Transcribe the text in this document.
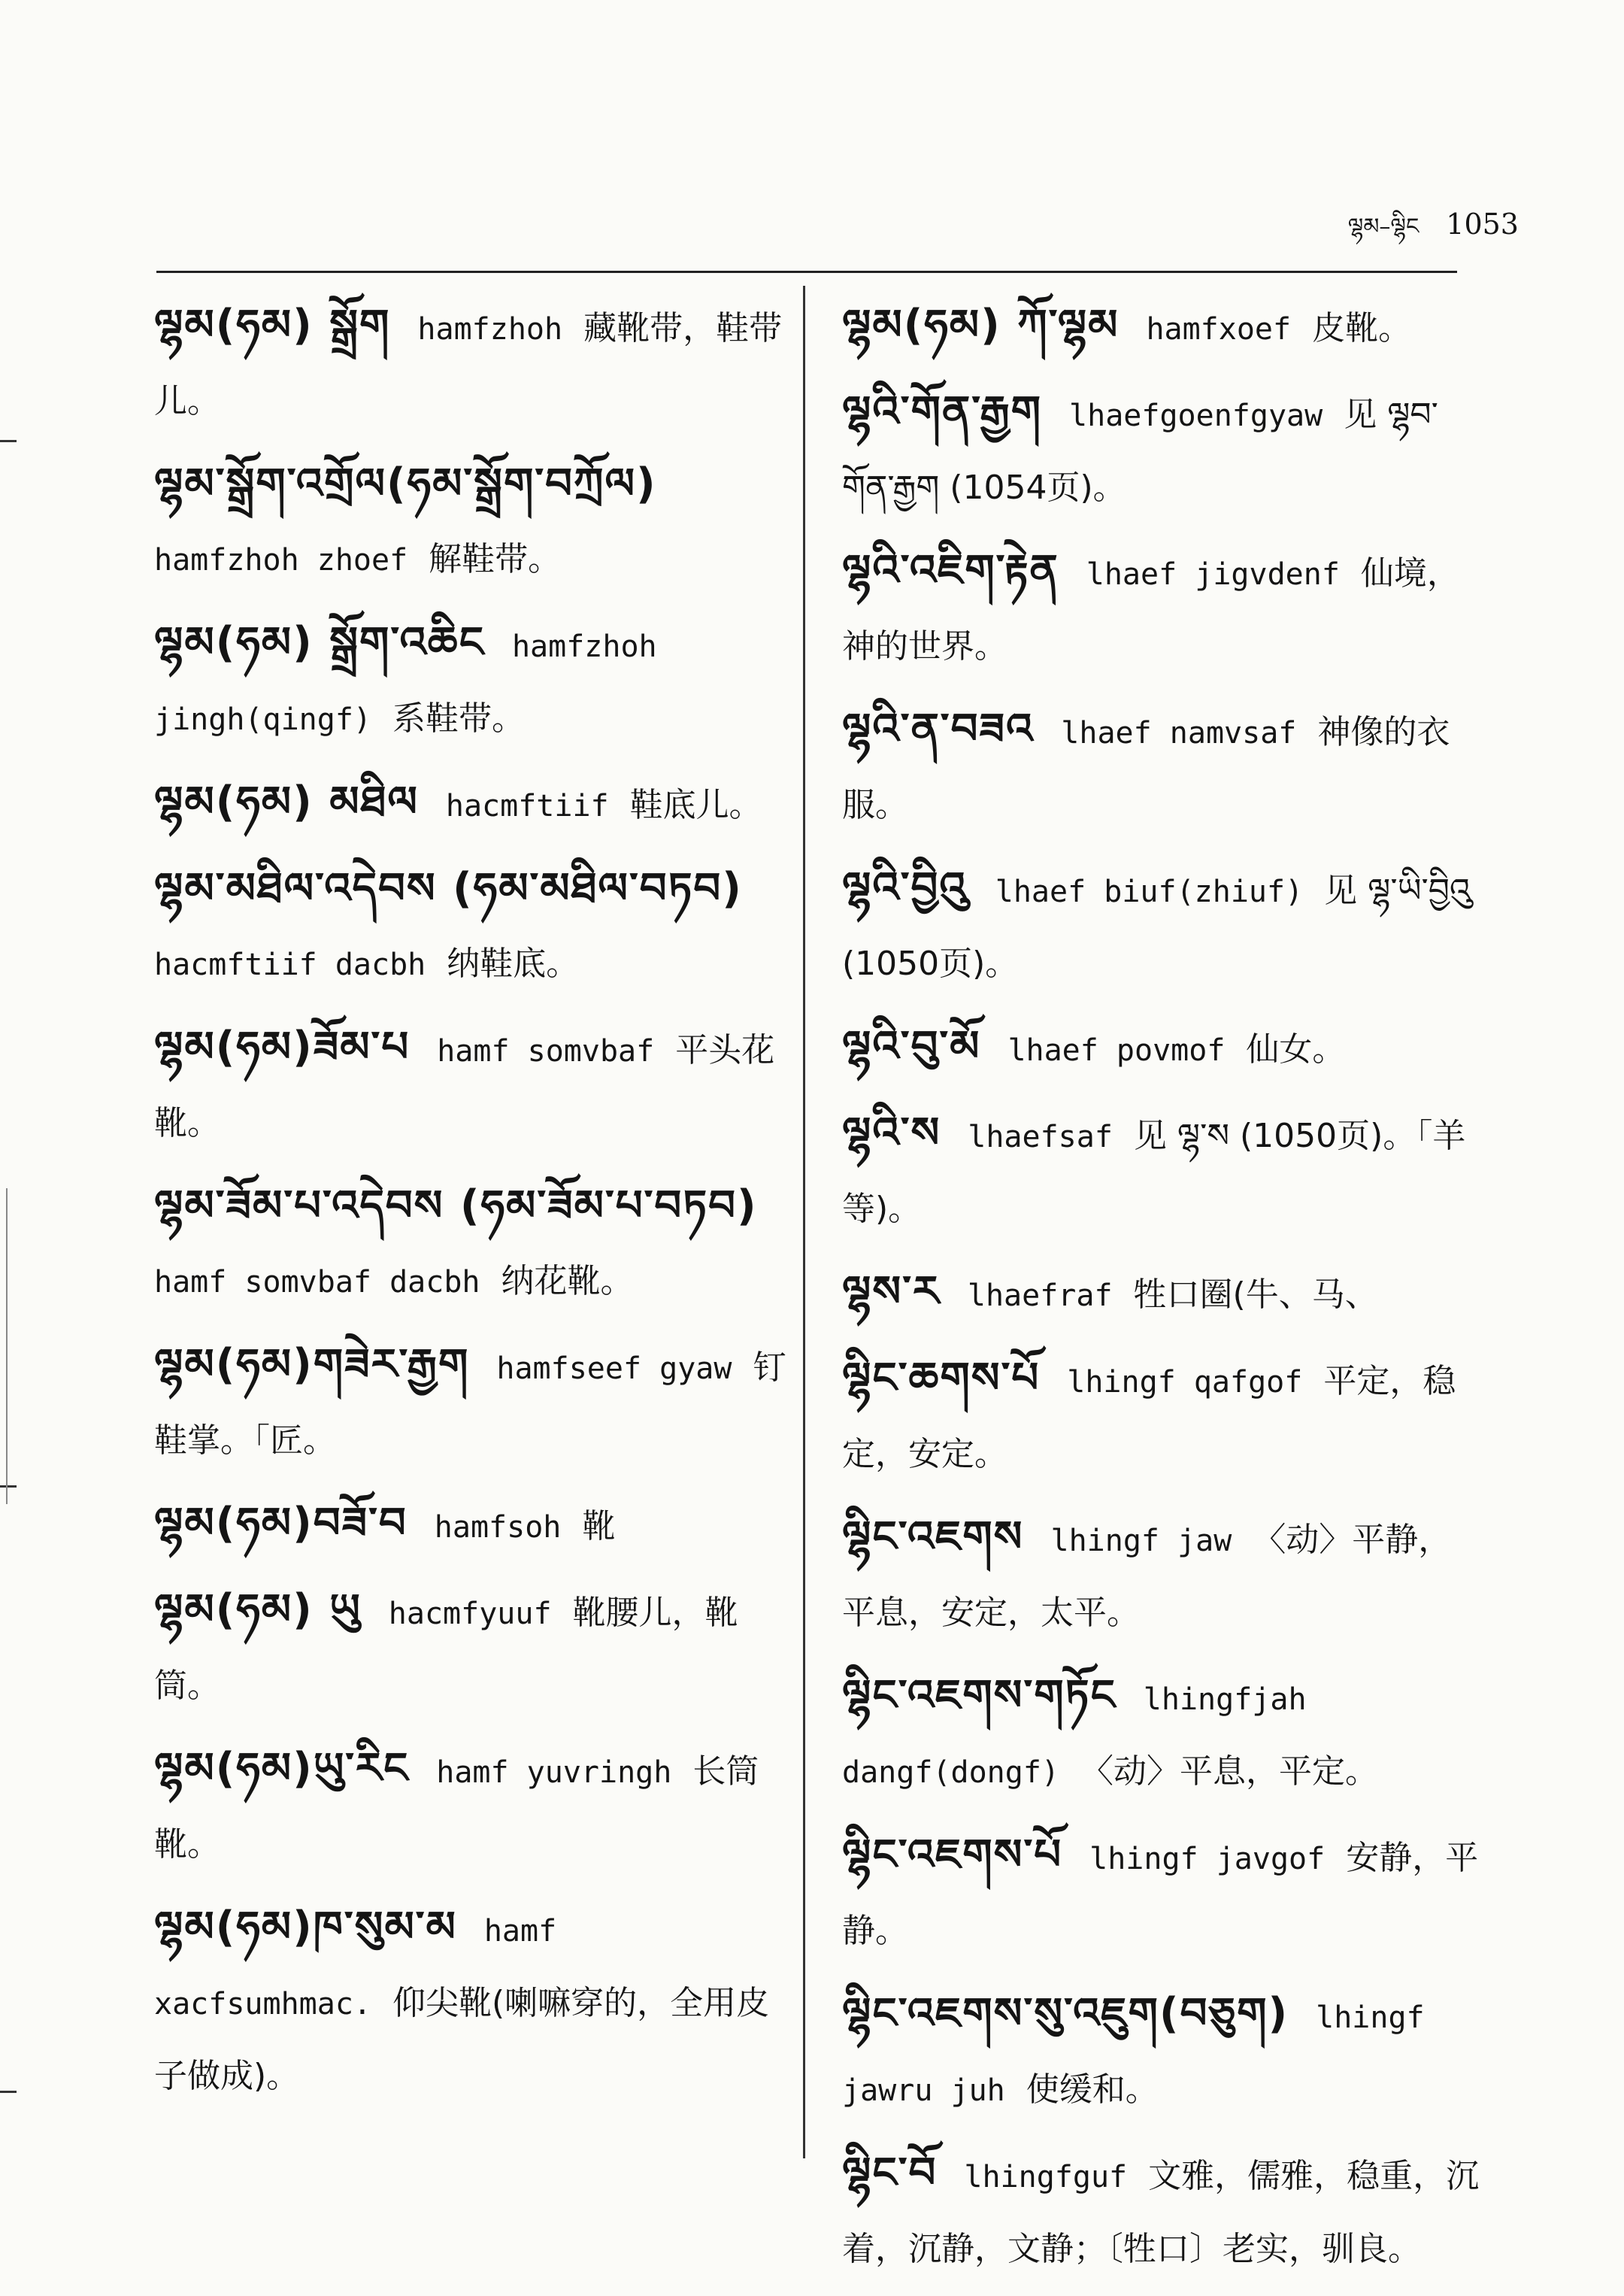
ལྷམ–ལྷིང 1053
ལྷམ(ཧམ) སྒྲོག hamfzhoh 藏靴带，鞋带儿。
ལྷམ་སྒྲོག་འགྲོལ(ཧམ་སྒྲོག་བཀྲོལ) hamfzhoh zhoef 解鞋带。
ལྷམ(ཧམ) སྒྲོག་འཆིང hamfzhoh jingh(qingf) 系鞋带。
ལྷམ(ཧམ) མཐིལ hacmftiif 鞋底儿。
ལྷམ་མཐིལ་འདེབས (ཧམ་མཐིལ་བཏབ) hacmftiif dacbh 纳鞋底。
ལྷམ(ཧམ)ཟོམ་པ hamf somvbaf 平头花靴。
ལྷམ་ཟོམ་པ་འདེབས (ཧམ་ཟོམ་པ་བཏབ) hamf somvbaf dacbh 纳花靴。
ལྷམ(ཧམ)གཟེར་རྒྱག hamfseef gyaw 钉鞋掌。「匠。
ལྷམ(ཧམ)བཟོ་བ hamfsoh 靴
ལྷམ(ཧམ) ཡུ hacmfyuuf 靴腰儿，靴筒。
ལྷམ(ཧམ)ཡུ་རིང hamf yuvringh 长筒靴。
ལྷམ(ཧམ)ཁ་སུམ་མ hamf xacfsumhmac. 仰尖靴(喇嘛穿的，全用皮子做成)。
ལྷམ(ཧམ) ཀོ་ལྷམ hamfxoef 皮靴。
ལྷའི་གོན་རྒྱག lhaefgoenfgyaw 见 ལྷབ་གོན་རྒྱག (1054页)。
ལྷའི་འཇིག་རྟེན lhaef jigvdenf 仙境，神的世界。
ལྷའི་ན་བཟའ lhaef namvsaf 神像的衣服。
ལྷའི་བྱིའུ lhaef biuf(zhiuf) 见 ལྷ་ཡི་བྱིའུ (1050页)。
ལྷའི་བུ་མོ lhaef povmof 仙女。
ལྷའི་ས lhaefsaf 见 ལྷ་ས (1050页)。「羊等)。
ལྷས་ར lhaefraf 牲口圈(牛、马、
ལྷིང་ཆགས་པོ lhingf qafgof 平定，稳定，安定。
ལྷིང་འཇགས lhingf jaw 〈动〉平静，平息，安定，太平。
ལྷིང་འཇགས་གཏོང lhingfjah dangf(dongf) 〈动〉平息，平定。
ལྷིང་འཇགས་པོ lhingf javgof 安静，平静。
ལྷིང་འཇགས་སུ་འཇུག(བཅུག) lhingf jawru juh 使缓和。
ལྷིང་བོ lhingfguf 文雅，儒雅，稳重，沉着，沉静，文静；〔牲口〕老实，驯良。
